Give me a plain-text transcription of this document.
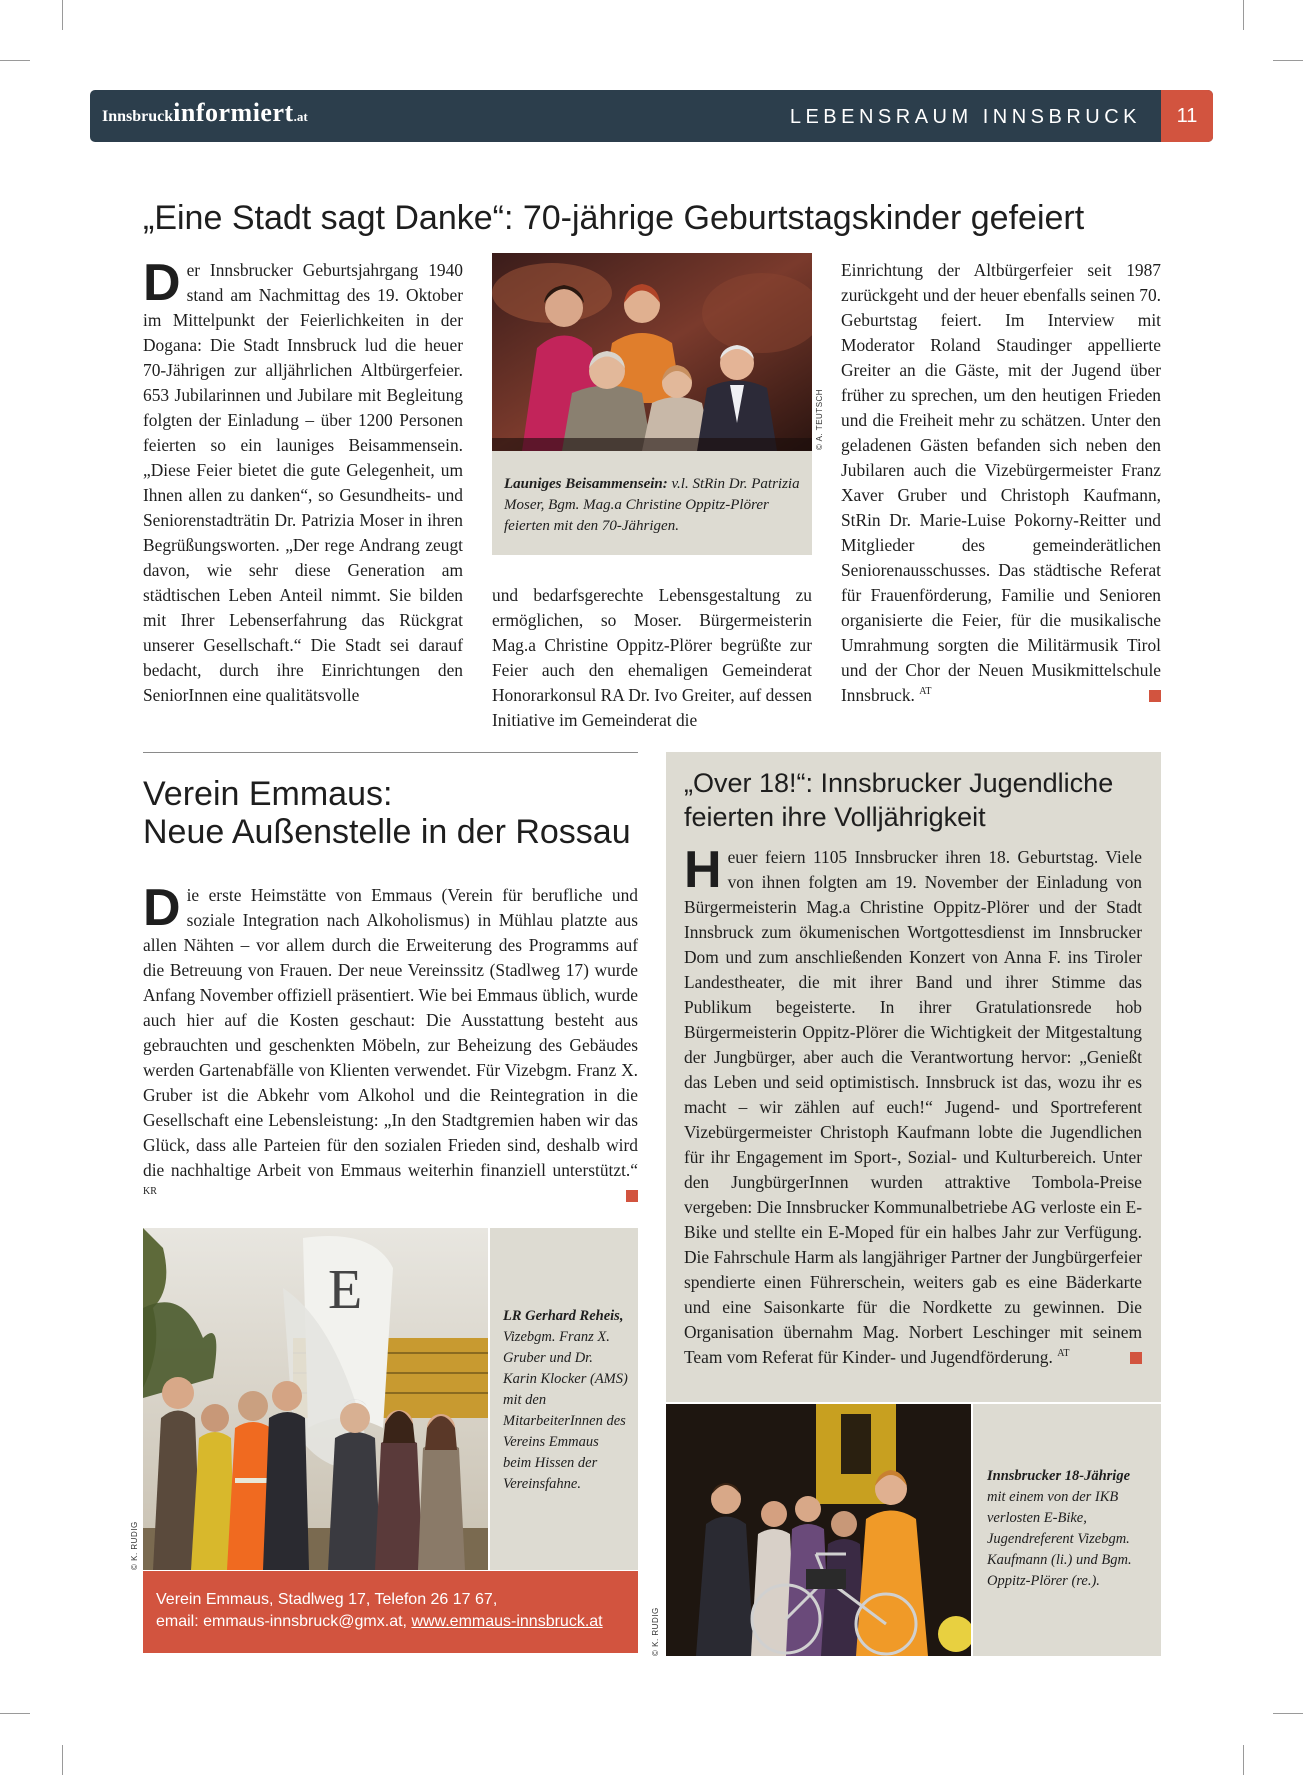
Innsbruckinformiert.at	LEBENSRAUM INNSBRUCK	11
„Eine Stadt sagt Danke“: 70-jährige Geburtstagskinder gefeiert

Der Innsbrucker Geburtsjahrgang 1940 stand am Nachmittag des 19. Oktober im Mittelpunkt der Feierlichkeiten in der Dogana: Die Stadt Innsbruck lud die heuer 70-Jährigen zur alljährlichen Altbürgerfeier. 653 Jubilarinnen und Jubilare mit Begleitung folgten der Einladung – über 1200 Personen feierten so ein launiges Beisammensein. „Diese Feier bietet die gute Gelegenheit, um Ihnen allen zu danken“, so Gesundheits- und Seniorenstadträtin Dr. Patrizia Moser in ihren Begrüßungsworten. „Der rege Andrang zeugt davon, wie sehr diese Generation am städtischen Leben Anteil nimmt. Sie bilden mit Ihrer Lebenserfahrung das Rückgrat unserer Gesellschaft.“ Die Stadt sei darauf bedacht, durch ihre Einrichtungen den SeniorInnen eine qualitätsvolle

© A. TEUTSCH
Launiges Beisammensein: v.l. StRin Dr. Patrizia Moser, Bgm. Mag.a Christine Oppitz-Plörer feierten mit den 70-Jährigen.

und bedarfsgerechte Lebensgestaltung zu ermöglichen, so Moser. Bürgermeisterin Mag.a Christine Oppitz-Plörer begrüßte zur Feier auch den ehemaligen Gemeinderat Honorarkonsul RA Dr. Ivo Greiter, auf dessen Initiative im Gemeinderat die

Einrichtung der Altbürgerfeier seit 1987 zurückgeht und der heuer ebenfalls seinen 70. Geburtstag feiert. Im Interview mit Moderator Roland Staudinger appellierte Greiter an die Gäste, mit der Jugend über früher zu sprechen, um den heutigen Frieden und die Freiheit mehr zu schätzen. Unter den geladenen Gästen befanden sich neben den Jubilaren auch die Vizebürgermeister Franz Xaver Gruber und Christoph Kaufmann, StRin Dr. Marie-Luise Pokorny-Reitter und Mitglieder des gemeinderätlichen Seniorenausschusses. Das städtische Referat für Frauenförderung, Familie und Senioren organisierte die Feier, für die musikalische Umrahmung sorgten die Militärmusik Tirol und der Chor der Neuen Musikmittelschule Innsbruck. $^{AT}$

Verein Emmaus:
Neue Außenstelle in der Rossau

Die erste Heimstätte von Emmaus (Verein für berufliche und soziale Integration nach Alkoholismus) in Mühlau platzte aus allen Nähten – vor allem durch die Erweiterung des Programms auf die Betreuung von Frauen. Der neue Vereinssitz (Stadlweg 17) wurde Anfang November offiziell präsentiert. Wie bei Emmaus üblich, wurde auch hier auf die Kosten geschaut: Die Ausstattung besteht aus gebrauchten und geschenkten Möbeln, zur Beheizung des Gebäudes werden Gartenabfälle von Klienten verwendet. Für Vizebgm. Franz X. Gruber ist die Abkehr vom Alkohol und die Reintegration in die Gesellschaft eine Lebensleistung: „In den Stadtgremien haben wir das Glück, dass alle Parteien für den sozialen Frieden sind, deshalb wird die nachhaltige Arbeit von Emmaus weiterhin finanziell unterstützt.“ $^{KR}$

E
© K. RUDIG
LR Gerhard Reheis, Vizebgm. Franz X. Gruber und Dr. Karin Klocker (AMS) mit den MitarbeiterInnen des Vereins Emmaus beim Hissen der Vereinsfahne.
Verein Emmaus, Stadlweg 17, Telefon 26 17 67,
email: emmaus-innsbruck@gmx.at, www.emmaus-innsbruck.at
„Over 18!“: Innsbrucker Jugendliche
feierten ihre Volljährigkeit

Heuer feiern 1105 Innsbrucker ihren 18. Geburtstag. Viele von ihnen folgten am 19. November der Einladung von Bürgermeisterin Mag.a Christine Oppitz-Plörer und der Stadt Innsbruck zum ökumenischen Wortgottesdienst im Innsbrucker Dom und zum anschließenden Konzert von Anna F. ins Tiroler Landestheater, die mit ihrer Band und ihrer Stimme das Publikum begeisterte. In ihrer Gratulationsrede hob Bürgermeisterin Oppitz-Plörer die Wichtigkeit der Mitgestaltung der Jungbürger, aber auch die Verantwortung hervor: „Genießt das Leben und seid optimistisch. Innsbruck ist das, wozu ihr es macht – wir zählen auf euch!“ Jugend- und Sportreferent Vizebürgermeister Christoph Kaufmann lobte die Jugendlichen für ihr Engagement im Sport-, Sozial- und Kulturbereich. Unter den JungbürgerInnen wurden attraktive Tombola-Preise vergeben: Die Innsbrucker Kommunalbetriebe AG verloste ein E-Bike und stellte ein E-Moped für ein halbes Jahr zur Verfügung. Die Fahrschule Harm als langjähriger Partner der Jungbürgerfeier spendierte einen Führerschein, weiters gab es eine Bäderkarte und eine Saisonkarte für die Nordkette zu gewinnen. Die Organisation übernahm Mag. Norbert Leschinger mit seinem Team vom Referat für Kinder- und Jugendförderung. $^{AT}$

© K. RUDIG
Innsbrucker 18-Jährige mit einem von der IKB verlosten E-Bike, Jugendreferent Vizebgm. Kaufmann (li.) und Bgm. Oppitz-Plörer (re.).
